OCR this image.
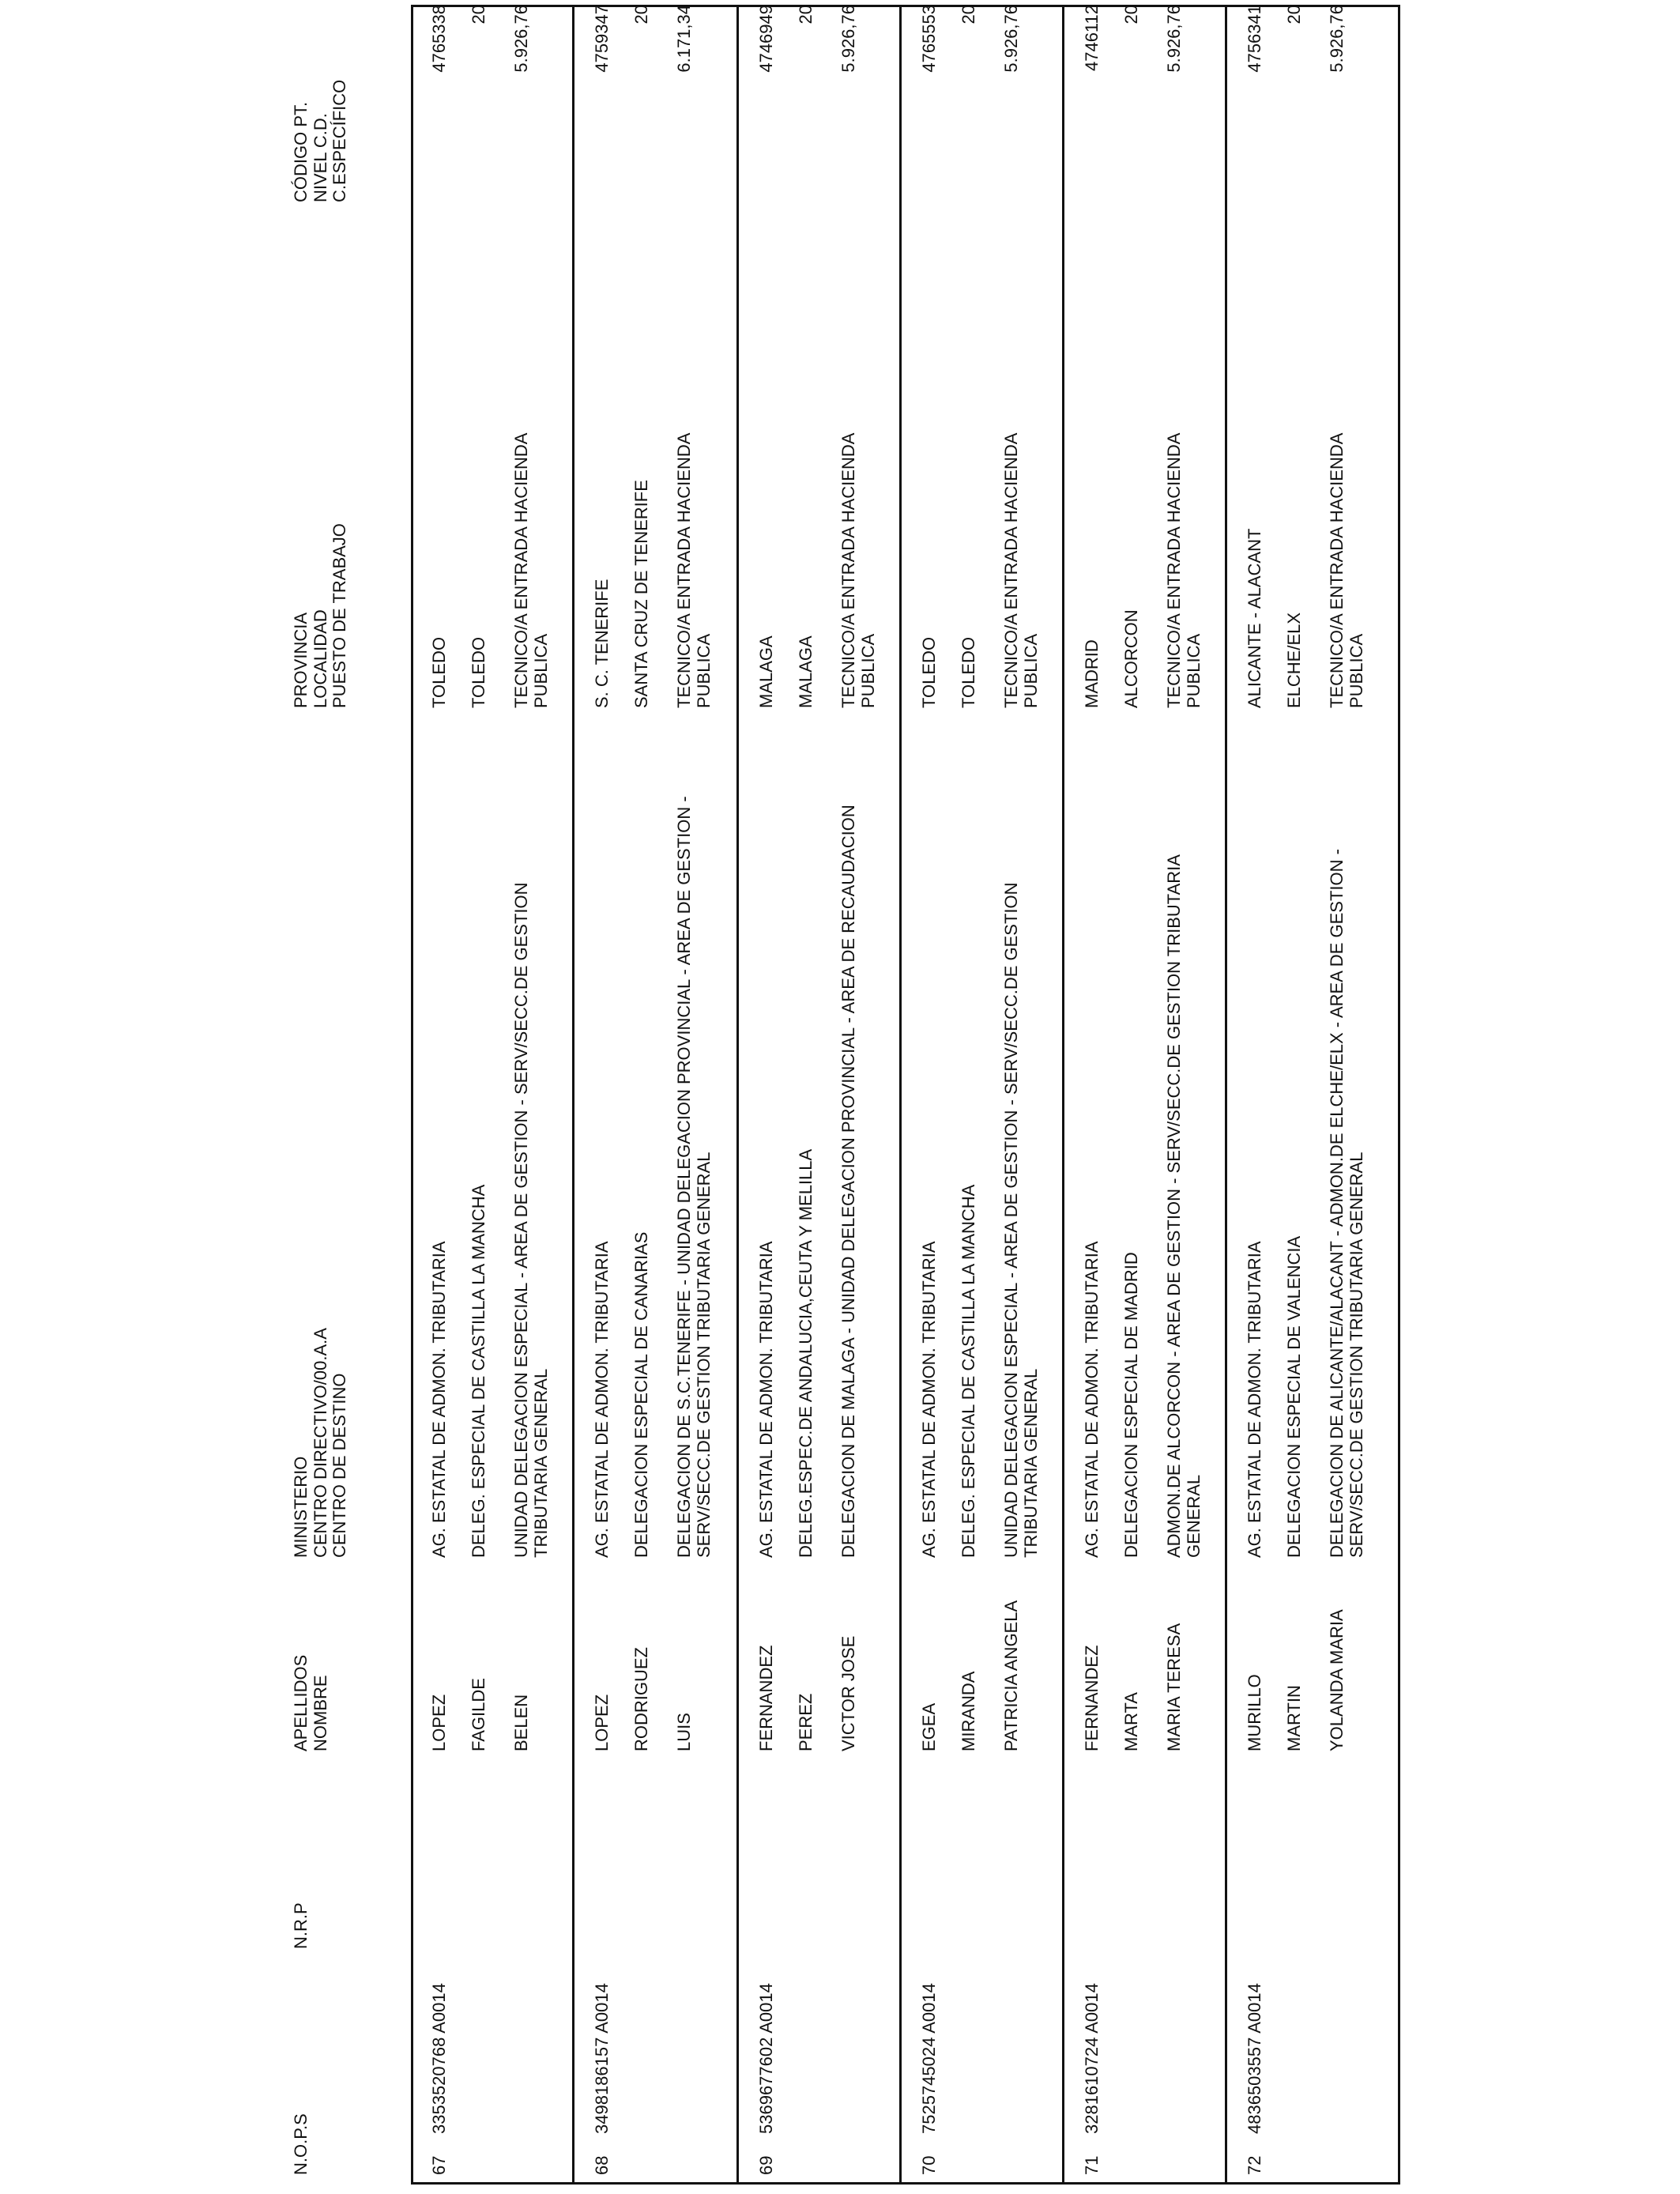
N.O.P.S
N.R.P
APELLIDOS
NOMBRE
MINISTERIO
CENTRO DIRECTIVO/00.A.A
CENTRO DE DESTINO
PROVINCIA
LOCALIDAD
PUESTO DE TRABAJO
CÓDIGO PT.
NIVEL C.D.
C.ESPECÍFICO
67
3353520768 A0014
LOPEZ FAGILDE BELEN
AG. ESTATAL DE ADMON. TRIBUTARIA DELEG. ESPECIAL DE CASTILLA LA MANCHA UNIDAD DELEGACION ESPECIAL - AREA DE GESTION - SERV/SECC.DE GESTION TRIBUTARIA GENERAL
TOLEDO TOLEDO TECNICO/A ENTRADA HACIENDA PUBLICA
4765338 20 5.926,76
68
3498186157 A0014
LOPEZ RODRIGUEZ LUIS
AG. ESTATAL DE ADMON. TRIBUTARIA DELEGACION ESPECIAL DE CANARIAS DELEGACION DE S.C.TENERIFE - UNIDAD DELEGACION PROVINCIAL - AREA DE GESTION - SERV/SECC.DE GESTION TRIBUTARIA GENERAL
S. C. TENERIFE SANTA CRUZ DE TENERIFE TECNICO/A ENTRADA HACIENDA PUBLICA
4759347 20 6.171,34
69
5369677602 A0014
FERNANDEZ PEREZ VICTOR JOSE
AG. ESTATAL DE ADMON. TRIBUTARIA DELEG.ESPEC.DE ANDALUCIA,CEUTA Y MELILLA DELEGACION DE MALAGA - UNIDAD DELEGACION PROVINCIAL - AREA DE RECAUDACION
MALAGA MALAGA TECNICO/A ENTRADA HACIENDA PUBLICA
4746949 20 5.926,76
70
7525745024 A0014
EGEA MIRANDA PATRICIA ANGELA
AG. ESTATAL DE ADMON. TRIBUTARIA DELEG. ESPECIAL DE CASTILLA LA MANCHA UNIDAD DELEGACION ESPECIAL - AREA DE GESTION - SERV/SECC.DE GESTION TRIBUTARIA GENERAL
TOLEDO TOLEDO TECNICO/A ENTRADA HACIENDA PUBLICA
4765553 20 5.926,76
71
3281610724 A0014
FERNANDEZ MARTA MARIA TERESA
AG. ESTATAL DE ADMON. TRIBUTARIA DELEGACION ESPECIAL DE MADRID ADMON.DE ALCORCON - AREA DE GESTION - SERV/SECC.DE GESTION TRIBUTARIA GENERAL
MADRID ALCORCON TECNICO/A ENTRADA HACIENDA PUBLICA
4746112 20 5.926,76
72
4836503557 A0014
MURILLO MARTIN YOLANDA MARIA
AG. ESTATAL DE ADMON. TRIBUTARIA DELEGACION ESPECIAL DE VALENCIA DELEGACION DE ALICANTE/ALACANT - ADMON.DE ELCHE/ELX - AREA DE GESTION - SERV/SECC.DE GESTION TRIBUTARIA GENERAL
ALICANTE - ALACANT ELCHE/ELX TECNICO/A ENTRADA HACIENDA PUBLICA
4756341 20 5.926,76
